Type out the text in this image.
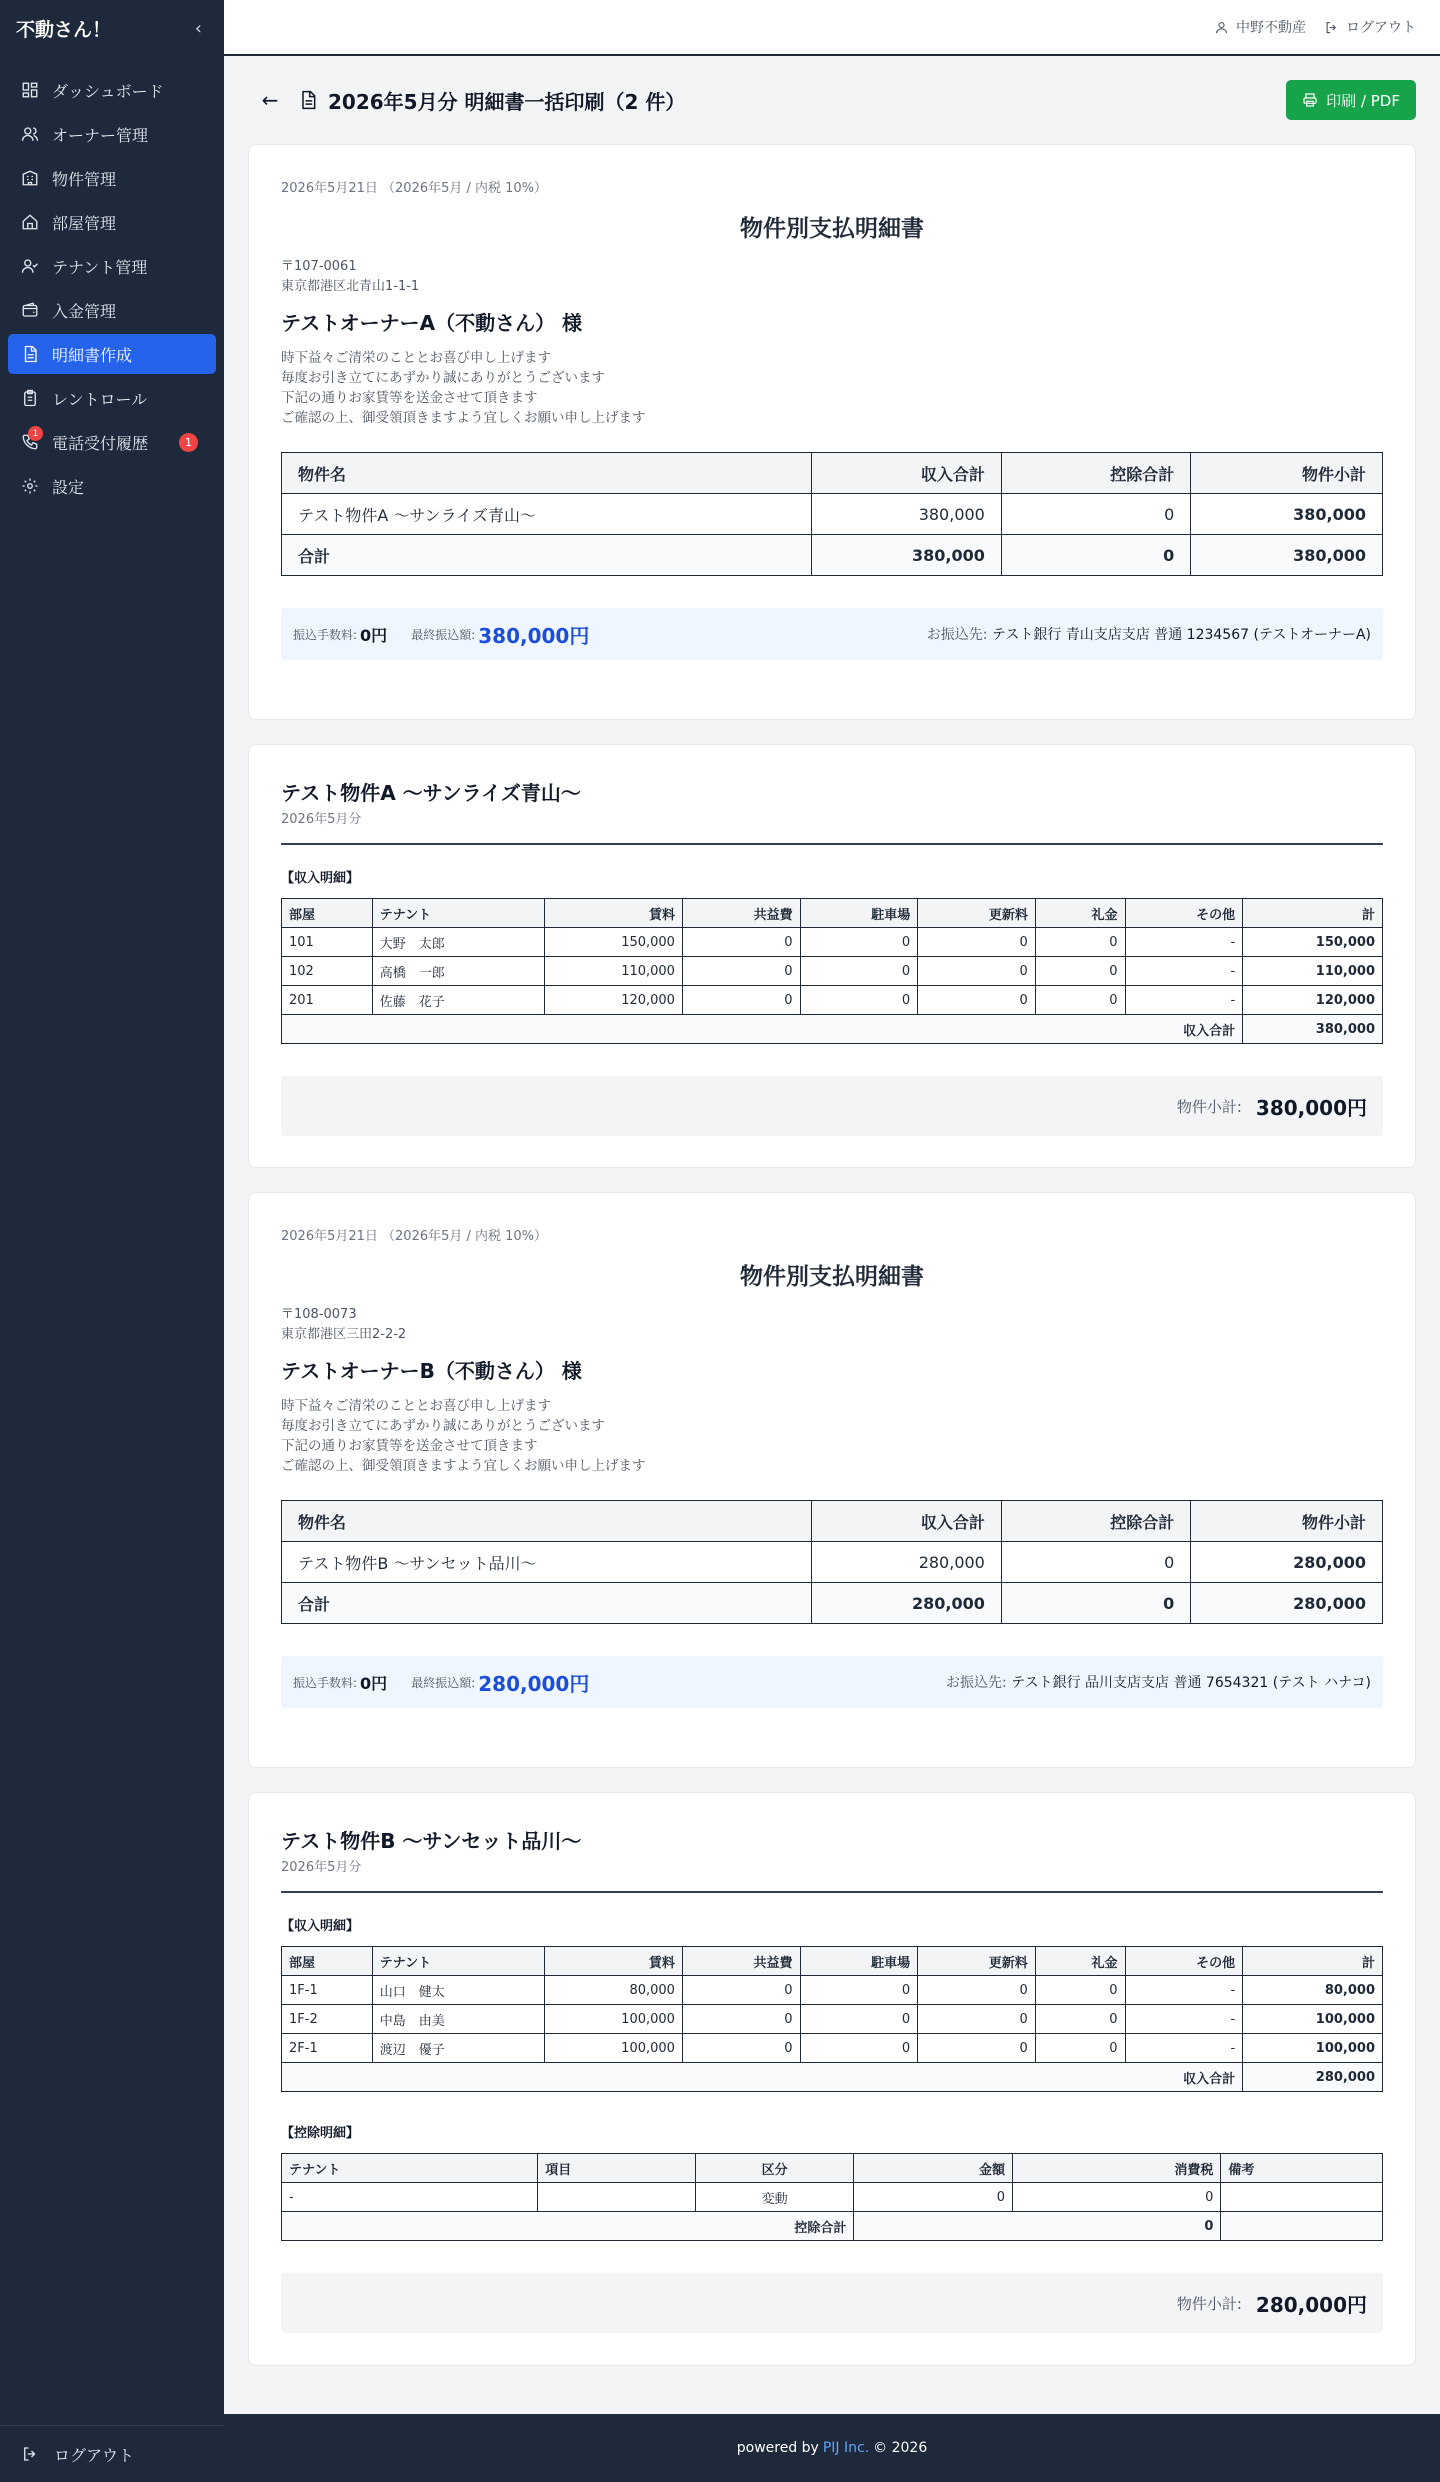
不動さん！	‹
ダッシュボード
オーナー管理
物件管理
部屋管理
テナント管理
入金管理
明細書作成
レントロール
1 電話受付履歴	1
設定
ログアウト
中野不動産	ログアウト
←	2026年5月分 明細書一括印刷（2 件）	印刷 / PDF
2026年5月21日 （2026年5月 / 内税 10%）
物件別支払明細書
〒107-0061
東京都港区北青山1-1-1
テストオーナーA（不動さん） 様
時下益々ご清栄のこととお喜び申し上げます
毎度お引き立てにあずかり誠にありがとうございます
下記の通りお家賃等を送金させて頂きます
ご確認の上、御受領頂きますよう宜しくお願い申し上げます
物件名	収入合計	控除合計	物件小計
テスト物件A 〜サンライズ青山〜	380,000	0	380,000
合計	380,000	0	380,000
振込手数料: 0円 最終振込額: 380,000円	お振込先: テスト銀行 青山支店支店 普通 1234567 (テストオーナーA)
テスト物件A 〜サンライズ青山〜
2026年5月分
【収入明細】
部屋	テナント	賃料	共益費	駐車場	更新料	礼金	その他	計
101	大野　太郎	150,000	0	0	0	0	-	150,000
102	高橋　一郎	110,000	0	0	0	0	-	110,000
201	佐藤　花子	120,000	0	0	0	0	-	120,000
収入合計								380,000
物件小計: 380,000円
2026年5月21日 （2026年5月 / 内税 10%）
物件別支払明細書
〒108-0073
東京都港区三田2-2-2
テストオーナーB（不動さん） 様
時下益々ご清栄のこととお喜び申し上げます
毎度お引き立てにあずかり誠にありがとうございます
下記の通りお家賃等を送金させて頂きます
ご確認の上、御受領頂きますよう宜しくお願い申し上げます
物件名	収入合計	控除合計	物件小計
テスト物件B 〜サンセット品川〜	280,000	0	280,000
合計	280,000	0	280,000
振込手数料: 0円 最終振込額: 280,000円	お振込先: テスト銀行 品川支店支店 普通 7654321 (テスト ハナコ)
テスト物件B 〜サンセット品川〜
2026年5月分
【収入明細】
部屋	テナント	賃料	共益費	駐車場	更新料	礼金	その他	計
1F-1	山口　健太	80,000	0	0	0	0	-	80,000
1F-2	中島　由美	100,000	0	0	0	0	-	100,000
2F-1	渡辺　優子	100,000	0	0	0	0	-	100,000
収入合計								280,000
【控除明細】
テナント	項目	区分	金額	消費税	備考
-		変動	0	0	
控除合計			0		
物件小計: 280,000円
powered by PIJ Inc. © 2026
